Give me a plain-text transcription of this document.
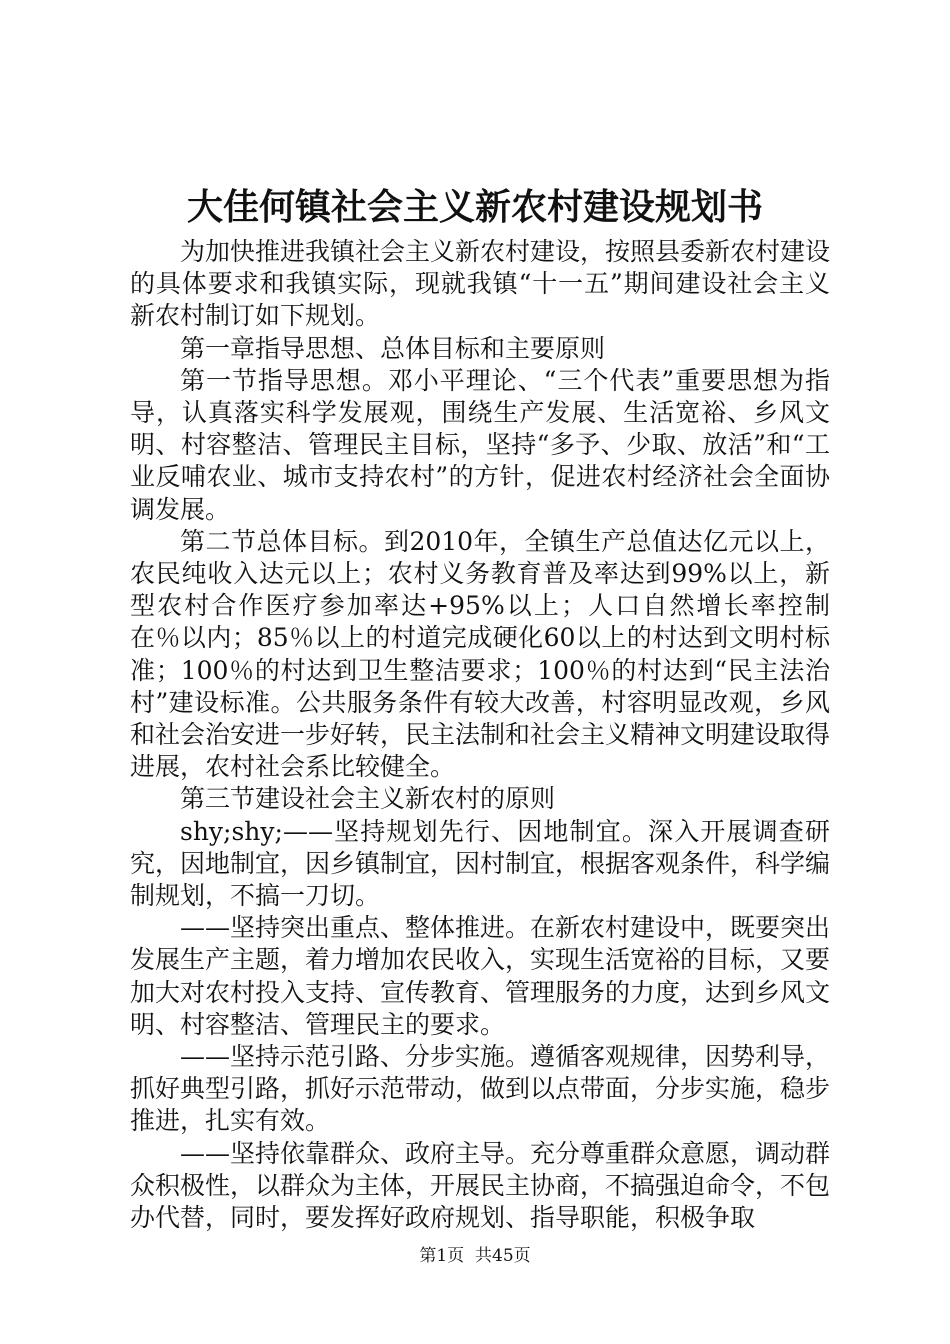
大佳何镇社会主义新农村建设规划书

为加快推进我镇社会主义新农村建设，按照县委新农村建设的具体要求和我镇实际，现就我镇“十一五”期间建设社会主义新农村制订如下规划。

第一章指导思想、总体目标和主要原则

第一节指导思想。邓小平理论、“三个代表”重要思想为指导，认真落实科学发展观，围绕生产发展、生活宽裕、乡风文明、村容整洁、管理民主目标，坚持“多予、少取、放活”和“工业反哺农业、城市支持农村”的方针，促进农村经济社会全面协调发展。

第二节总体目标。到2010年，全镇生产总值达亿元以上，农民纯收入达元以上；农村义务教育普及率达到99%以上，新型农村合作医疗参加率达+95%以上；人口自然增长率控制在％以内；85％以上的村道完成硬化60以上的村达到文明村标准；100％的村达到卫生整洁要求；100％的村达到“民主法治村”建设标准。公共服务条件有较大改善，村容明显改观，乡风和社会治安进一步好转，民主法制和社会主义精神文明建设取得进展，农村社会系比较健全。

第三节建设社会主义新农村的原则

shy;shy;——坚持规划先行、因地制宜。深入开展调查研究，因地制宜，因乡镇制宜，因村制宜，根据客观条件，科学编制规划，不搞一刀切。

——坚持突出重点、整体推进。在新农村建设中，既要突出发展生产主题，着力增加农民收入，实现生活宽裕的目标，又要加大对农村投入支持、宣传教育、管理服务的力度，达到乡风文明、村容整洁、管理民主的要求。

——坚持示范引路、分步实施。遵循客观规律，因势利导，抓好典型引路，抓好示范带动，做到以点带面，分步实施，稳步推进，扎实有效。

——坚持依靠群众、政府主导。充分尊重群众意愿，调动群众积极性，以群众为主体，开展民主协商，不搞强迫命令，不包办代替，同时，要发挥好政府规划、指导职能，积极争取

第1页 共45页
